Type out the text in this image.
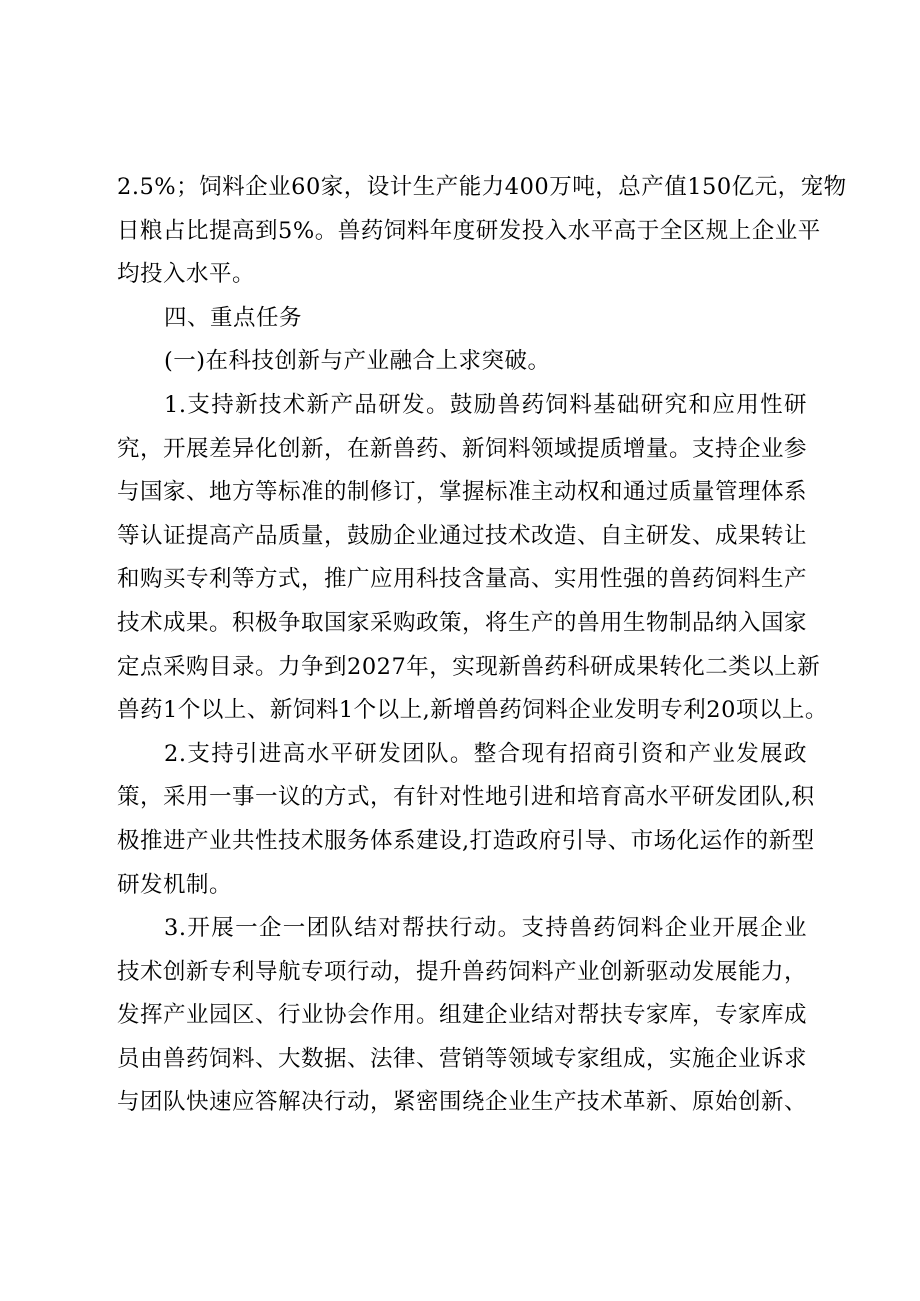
2.5%；饲料企业60家，设计生产能力400万吨，总产值150亿元，宠物
日粮占比提高到5%。兽药饲料年度研发投入水平高于全区规上企业平
均投入水平。
四、重点任务
(一)在科技创新与产业融合上求突破。
1.支持新技术新产品研发。鼓励兽药饲料基础研究和应用性研
究，开展差异化创新，在新兽药、新饲料领域提质增量。支持企业参
与国家、地方等标准的制修订，掌握标准主动权和通过质量管理体系
等认证提高产品质量，鼓励企业通过技术改造、自主研发、成果转让
和购买专利等方式，推广应用科技含量高、实用性强的兽药饲料生产
技术成果。积极争取国家采购政策，将生产的兽用生物制品纳入国家
定点采购目录。力争到2027年，实现新兽药科研成果转化二类以上新
兽药1个以上、新饲料1个以上,新增兽药饲料企业发明专利20项以上。
2.支持引进高水平研发团队。整合现有招商引资和产业发展政
策，采用一事一议的方式，有针对性地引进和培育高水平研发团队,积
极推进产业共性技术服务体系建设,打造政府引导、市场化运作的新型
研发机制。
3.开展一企一团队结对帮扶行动。支持兽药饲料企业开展企业
技术创新专利导航专项行动，提升兽药饲料产业创新驱动发展能力，
发挥产业园区、行业协会作用。组建企业结对帮扶专家库，专家库成
员由兽药饲料、大数据、法律、营销等领域专家组成，实施企业诉求
与团队快速应答解决行动，紧密围绕企业生产技术革新、原始创新、
